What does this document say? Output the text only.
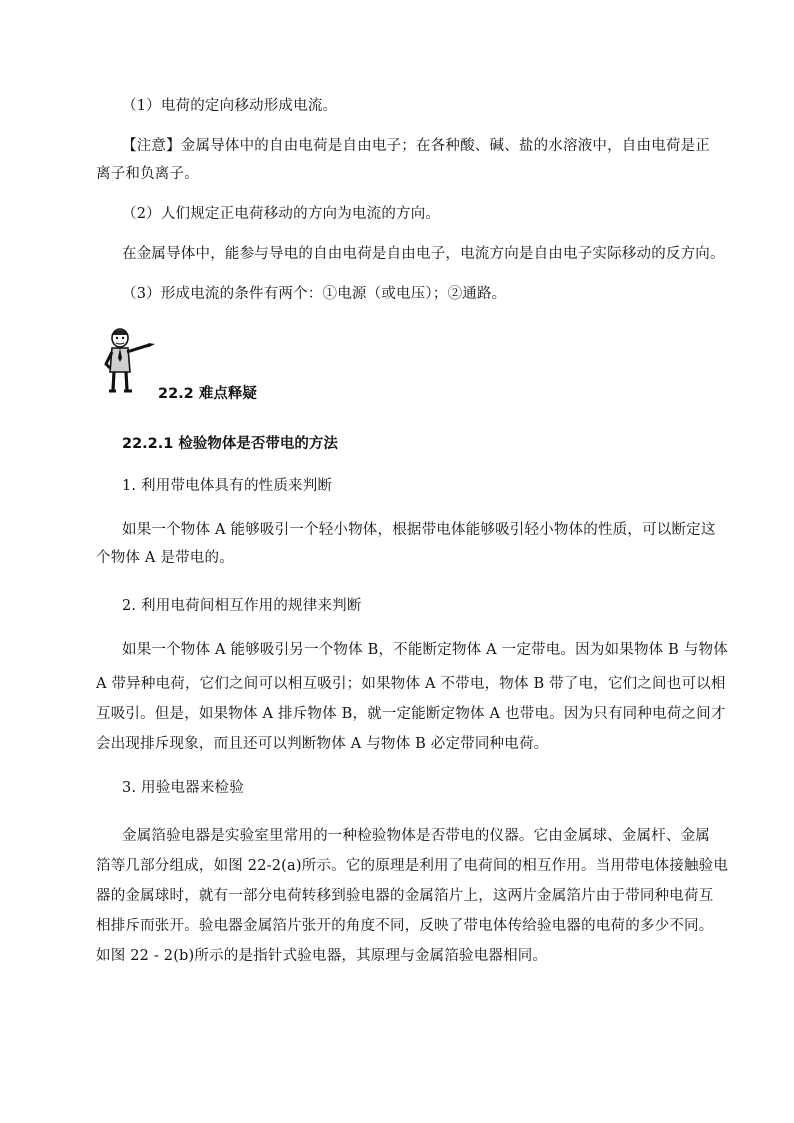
（1）电荷的定向移动形成电流。
【注意】金属导体中的自由电荷是自由电子；在各种酸、碱、盐的水溶液中，自由电荷是正
离子和负离子。
（2）人们规定正电荷移动的方向为电流的方向。
在金属导体中，能参与导电的自由电荷是自由电子，电流方向是自由电子实际移动的反方向。
（3）形成电流的条件有两个：①电源（或电压）；②通路。
22.2 难点释疑
22.2.1 检验物体是否带电的方法
1. 利用带电体具有的性质来判断
如果一个物体 A 能够吸引一个轻小物体，根据带电体能够吸引轻小物体的性质，可以断定这
个物体 A 是带电的。
2. 利用电荷间相互作用的规律来判断
如果一个物体 A 能够吸引另一个物体 B，不能断定物体 A 一定带电。因为如果物体 B 与物体
A 带异种电荷，它们之间可以相互吸引；如果物体 A 不带电，物体 B 带了电，它们之间也可以相
互吸引。但是，如果物体 A 排斥物体 B，就一定能断定物体 A 也带电。因为只有同种电荷之间才
会出现排斥现象，而且还可以判断物体 A 与物体 B 必定带同种电荷。
3. 用验电器来检验
金属箔验电器是实验室里常用的一种检验物体是否带电的仪器。它由金属球、金属杆、金属
箔等几部分组成，如图 22-2(a)所示。它的原理是利用了电荷间的相互作用。当用带电体接触验电
器的金属球时，就有一部分电荷转移到验电器的金属箔片上，这两片金属箔片由于带同种电荷互
相排斥而张开。验电器金属箔片张开的角度不同，反映了带电体传给验电器的电荷的多少不同。
如图 22 - 2(b)所示的是指针式验电器，其原理与金属箔验电器相同。
